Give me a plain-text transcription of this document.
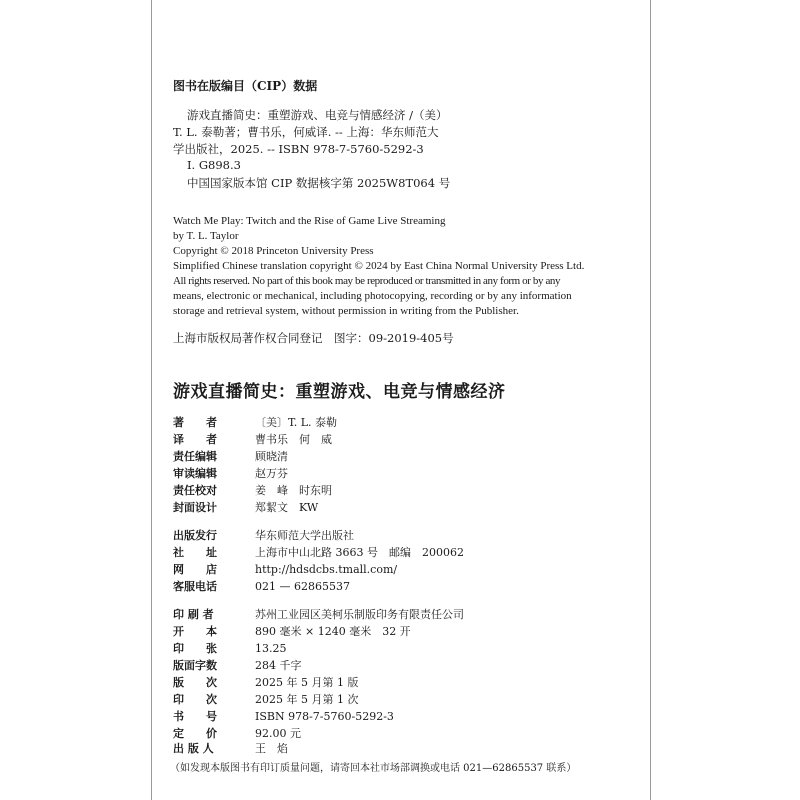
图书在版编目（CIP）数据
游戏直播简史：重塑游戏、电竞与情感经济 /（美）
T. L. 泰勒著；曹书乐，何威译. -- 上海：华东师范大
学出版社，2025. -- ISBN 978-7-5760-5292-3
Ⅰ. G898.3
中国国家版本馆 CIP 数据核字第 2025W8T064 号
Watch Me Play: Twitch and the Rise of Game Live Streaming
by T. L. Taylor
Copyright © 2018 Princeton University Press
Simplified Chinese translation copyright © 2024 by East China Normal University Press Ltd.
All rights reserved. No part of this book may be reproduced or transmitted in any form or by any
means, electronic or mechanical, including photocopying, recording or by any information
storage and retrieval system, without permission in writing from the Publisher.
上海市版权局著作权合同登记　图字：09-2019-405号
游戏直播简史：重塑游戏、电竞与情感经济
著　　者	〔美〕T. L. 泰勒
译　　者	曹书乐　何　威
责任编辑	顾晓清
审读编辑	赵万芬
责任校对	姜　峰　时东明
封面设计	郑絜文　KW
出版发行	华东师范大学出版社
社　　址	上海市中山北路 3663 号　邮编　200062
网　　店	http://hdsdcbs.tmall.com/
客服电话	021 — 62865537
印 刷 者	苏州工业园区美柯乐制版印务有限责任公司
开　　本	890 毫米 × 1240 毫米　32 开
印　　张	13.25
版面字数	284 千字
版　　次	2025 年 5 月第 1 版
印　　次	2025 年 5 月第 1 次
书　　号	ISBN 978-7-5760-5292-3
定　　价	92.00 元
出 版 人	王　焰
（如发现本版图书有印订质量问题，请寄回本社市场部调换或电话 021—62865537 联系）
